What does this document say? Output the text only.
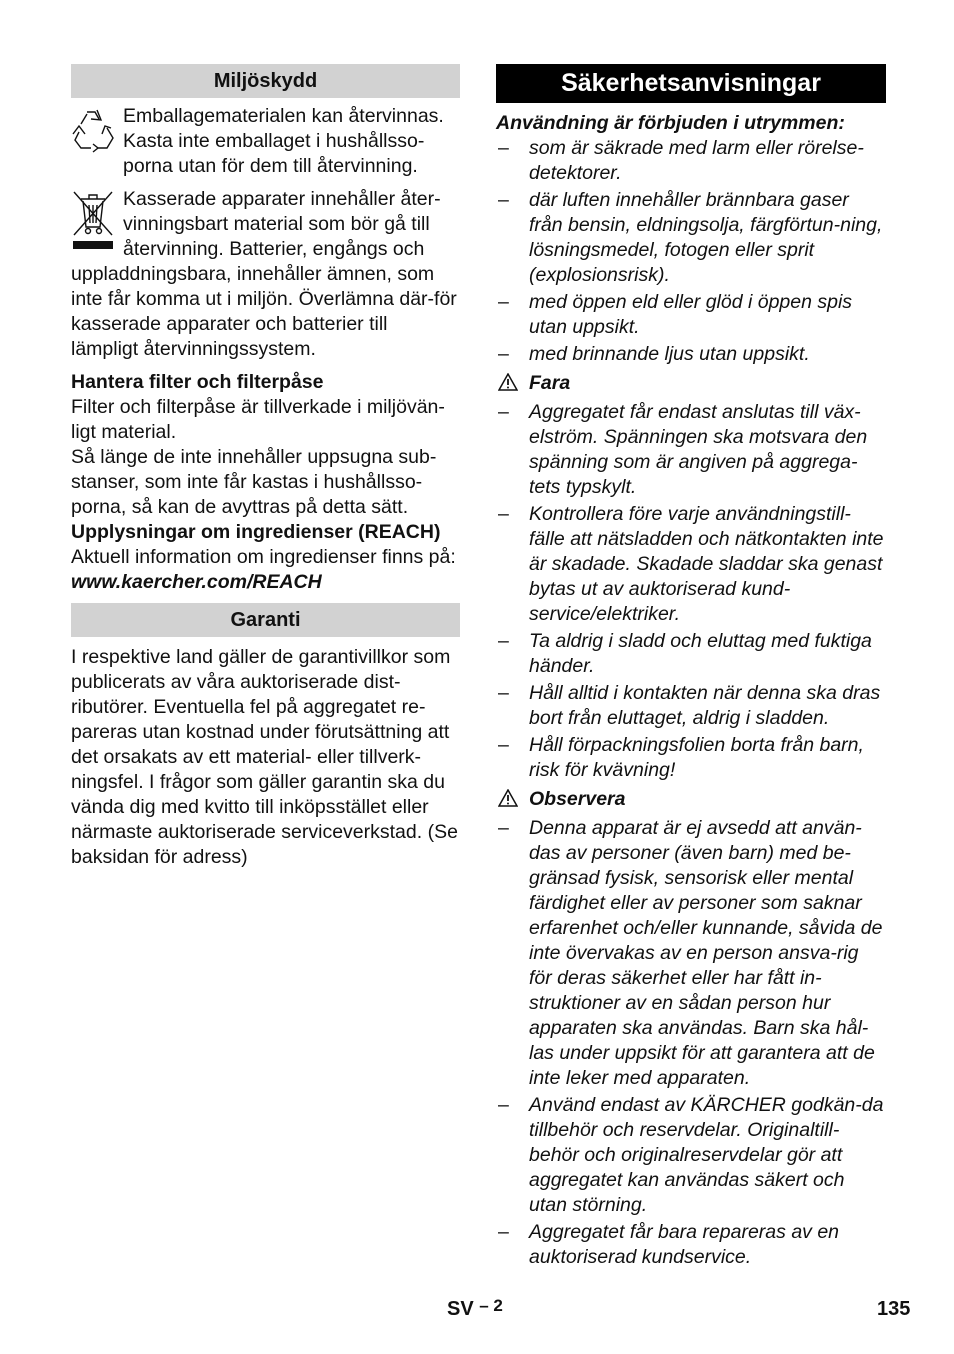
Miljöskydd

Emballagematerialen kan återvinnas. Kasta inte emballaget i hushållsso-porna utan för dem till återvinning.

Kasserade apparater innehåller åter-vinningsbart material som bör gå till återvinning. Batterier, engångs och uppladdningsbara, innehåller ämnen, som inte får komma ut i miljön. Överlämna där-för kasserade apparater och batterier till lämpligt återvinningssystem.

Hantera filter och filterpåse

Filter och filterpåse är tillverkade i miljövän-ligt material.

Så länge de inte innehåller uppsugna sub-stanser, som inte får kastas i hushållsso-porna, så kan de avyttras på detta sätt.

Upplysningar om ingredienser (REACH)

Aktuell information om ingredienser finns på:

www.kaercher.com/REACH

Garanti

I respektive land gäller de garantivillkor som publicerats av våra auktoriserade dist-ributörer. Eventuella fel på aggregatet re-pareras utan kostnad under förutsättning att det orsakats av ett material- eller tillverk-ningsfel. I frågor som gäller garantin ska du vända dig med kvitto till inköpsstället eller närmaste auktoriserade serviceverkstad. (Se baksidan för adress)

Säkerhetsanvisningar

Användning är förbjuden i utrymmen:

– som är säkrade med larm eller rörelse-detektorer.
– där luften innehåller brännbara gaser från bensin, eldningsolja, färgförtun-ning, lösningsmedel, fotogen eller sprit (explosionsrisk).
– med öppen eld eller glöd i öppen spis utan uppsikt.
– med brinnande ljus utan uppsikt.
Fara
– Aggregatet får endast anslutas till väx-elström. Spänningen ska motsvara den spänning som är angiven på aggrega-tets typskylt.
– Kontrollera före varje användningstill-fälle att nätsladden och nätkontakten inte är skadade. Skadade sladdar ska genast bytas ut av auktoriserad kund-service/elektriker.
– Ta aldrig i sladd och eluttag med fuktiga händer.
– Håll alltid i kontakten när denna ska dras bort från eluttaget, aldrig i sladden.
– Håll förpackningsfolien borta från barn, risk för kvävning!
Observera
– Denna apparat är ej avsedd att använ-das av personer (även barn) med be-gränsad fysisk, sensorisk eller mental färdighet eller av personer som saknar erfarenhet och/eller kunnande, såvida de inte övervakas av en person ansva-rig för deras säkerhet eller har fått in-struktioner av en sådan person hur apparaten ska användas. Barn ska hål-las under uppsikt för att garantera att de inte leker med apparaten.
– Använd endast av KÄRCHER godkän-da tillbehör och reservdelar. Originaltill-behör och originalreservdelar gör att aggregatet kan användas säkert och utan störning.
– Aggregatet får bara repareras av en auktoriserad kundservice.
SV $^{- 2}$	135
